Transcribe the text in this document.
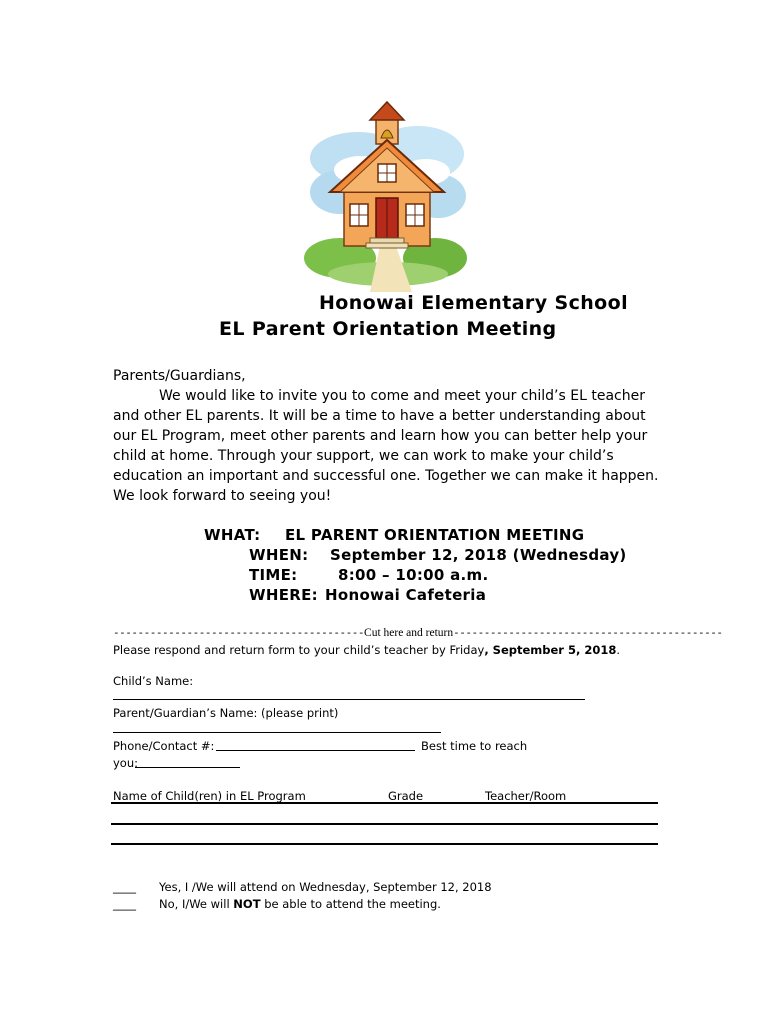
Honowai Elementary School
EL Parent Orientation Meeting
Parents/Guardians,
We would like to invite you to come and meet your child’s EL teacher
and other EL parents. It will be a time to have a better understanding about
our EL Program, meet other parents and learn how you can better help your
child at home. Through your support, we can work to make your child’s
education an important and successful one. Together we can make it happen.
We look forward to seeing you!
WHAT: EL PARENT ORIENTATION MEETING
WHEN: September 12, 2018 (Wednesday)
TIME:	8:00 – 10:00 a.m.
WHERE: Honowai Cafeteria
-----------------------------------------Cut here and return--------------------------------------------
Please respond and return form to your child’s teacher by Friday, September 5, 2018.
Child’s Name:
Parent/Guardian’s Name: (please print)
Phone/Contact #:	Best time to reach
you:
Name of Child(ren) in EL Program	Grade	Teacher/Room
____ Yes, I /We will attend on Wednesday, September 12, 2018
____ No, I/We will NOT be able to attend the meeting.
